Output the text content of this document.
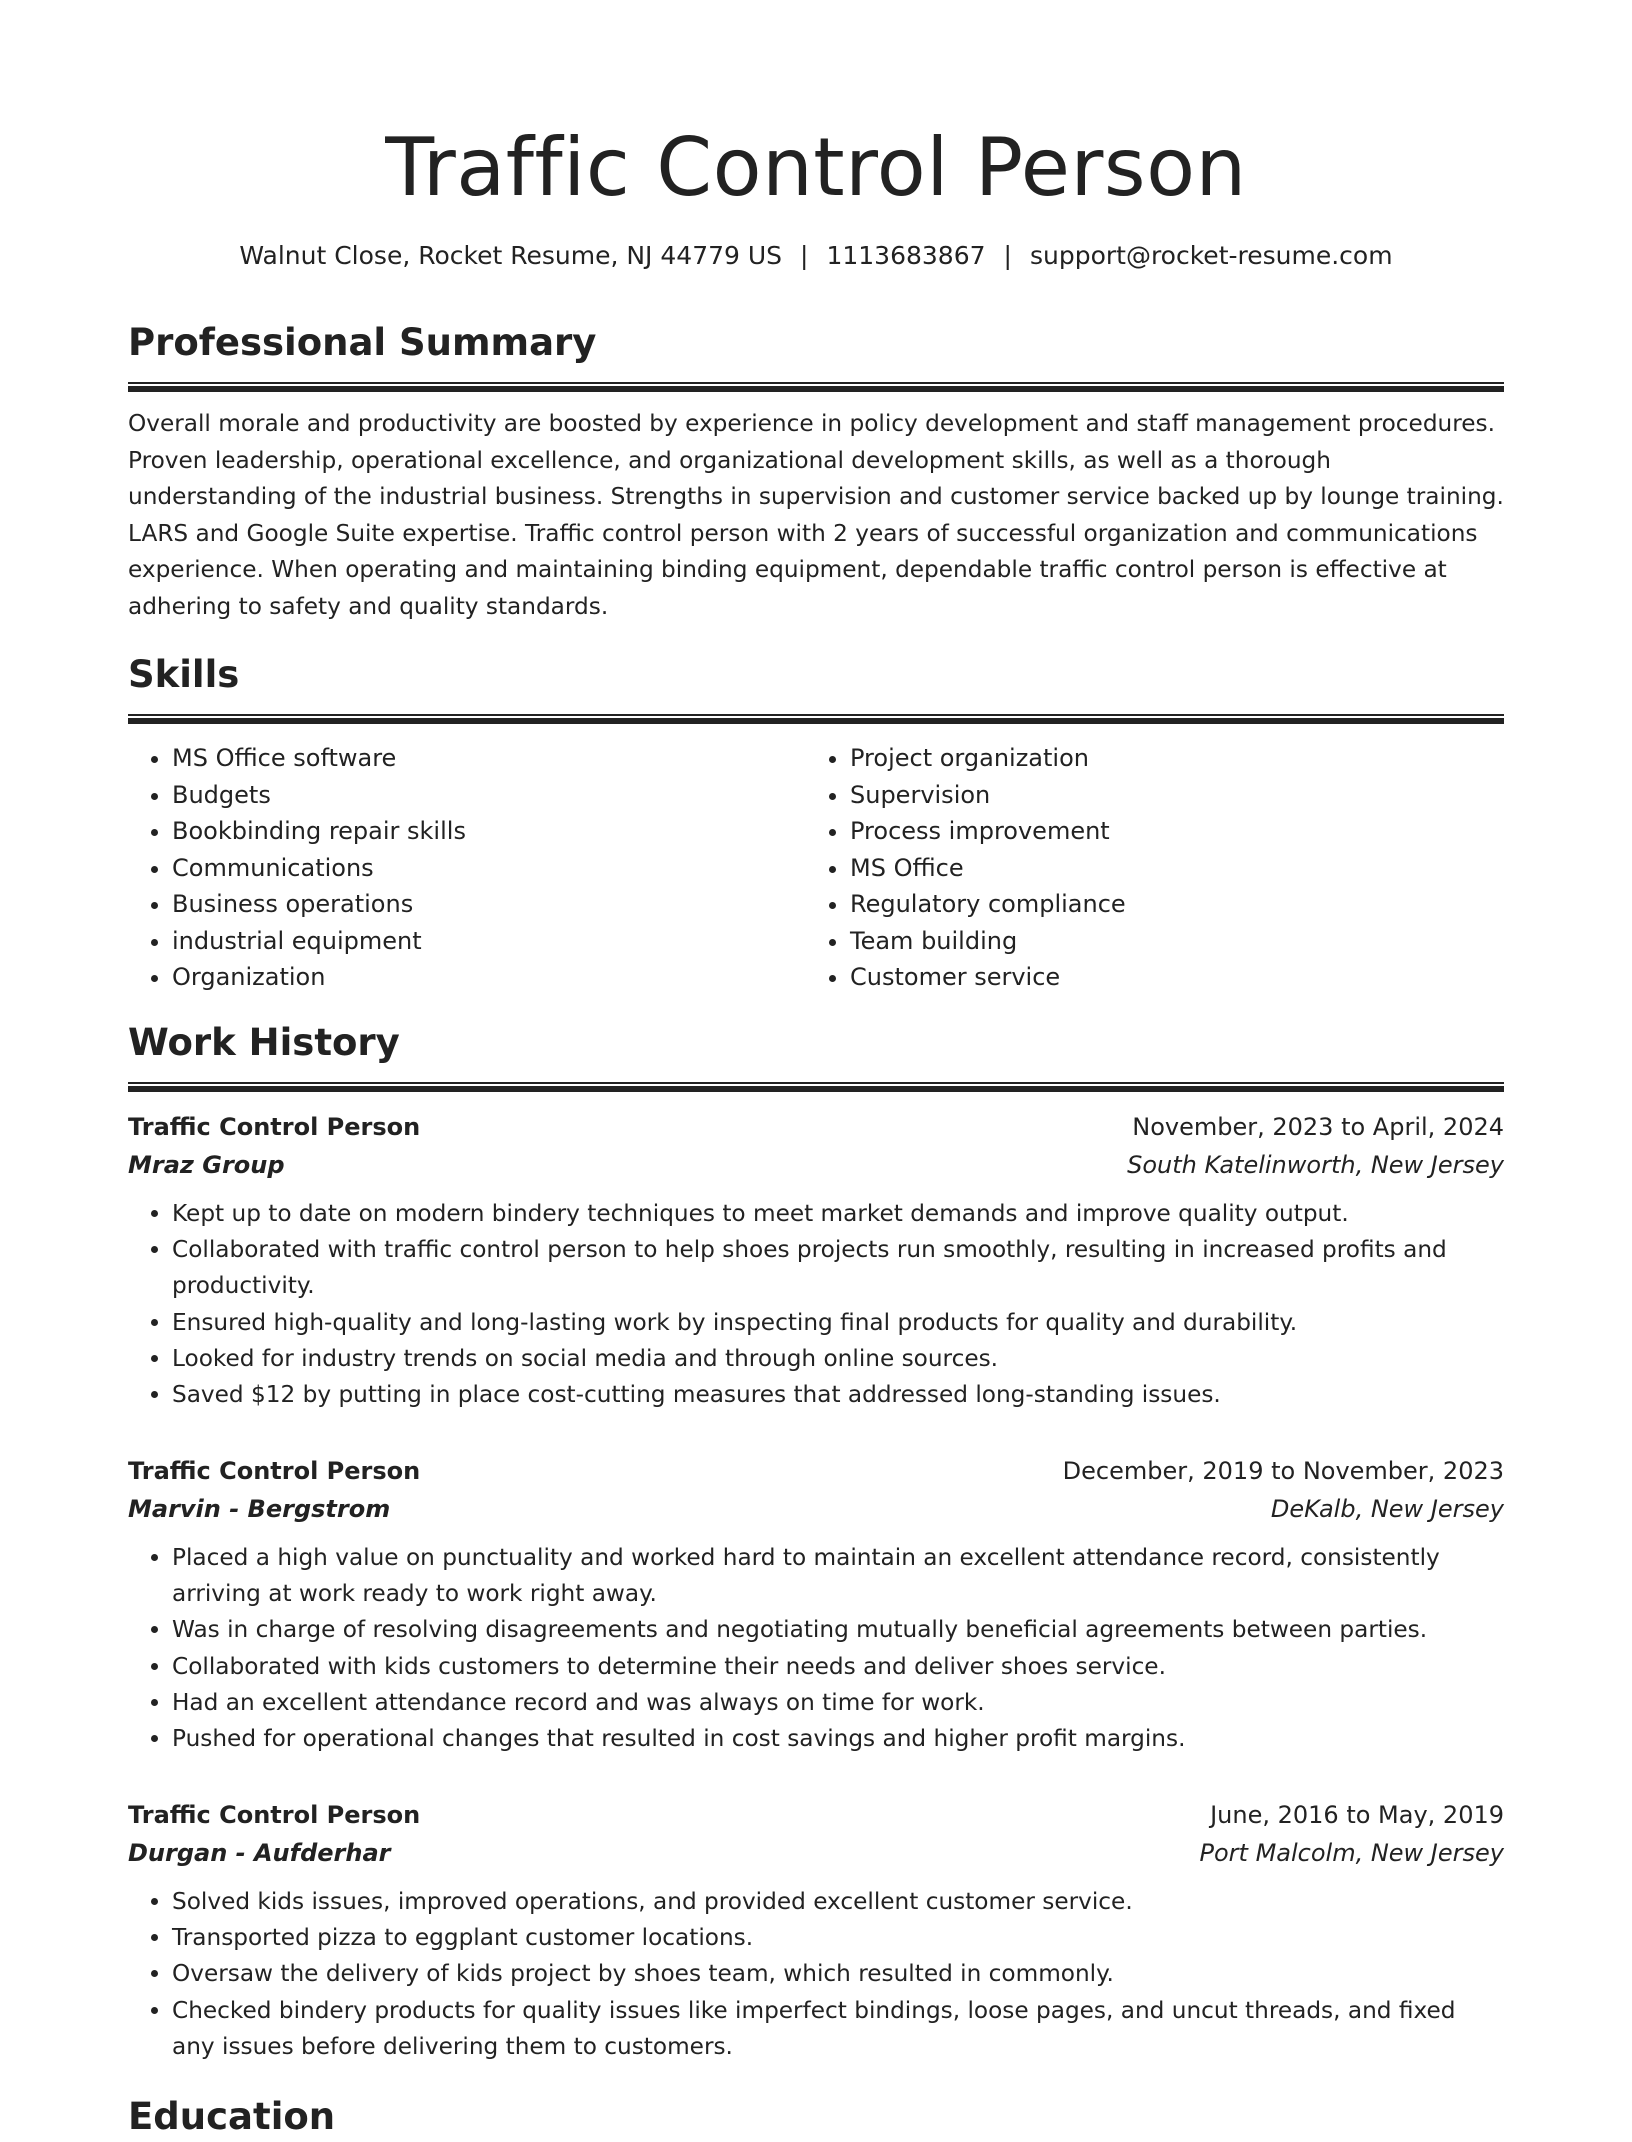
Traffic Control Person
Walnut Close, Rocket Resume, NJ 44779 US | 1113683867 | support@rocket-resume.com
Professional Summary
Overall morale and productivity are boosted by experience in policy development and staff management procedures. Proven leadership, operational excellence, and organizational development skills, as well as a thorough understanding of the industrial business. Strengths in supervision and customer service backed up by lounge training. LARS and Google Suite expertise. Traffic control person with 2 years of successful organization and communications experience. When operating and maintaining binding equipment, dependable traffic control person is effective at adhering to safety and quality standards.
Skills
• MS Office software
• Budgets
• Bookbinding repair skills
• Communications
• Business operations
• industrial equipment
• Organization
• Project organization
• Supervision
• Process improvement
• MS Office
• Regulatory compliance
• Team building
• Customer service
Work History
Traffic Control Person	November, 2023 to April, 2024
Mraz Group	South Katelinworth, New Jersey
• Kept up to date on modern bindery techniques to meet market demands and improve quality output.
• Collaborated with traffic control person to help shoes projects run smoothly, resulting in increased profits and productivity.
• Ensured high-quality and long-lasting work by inspecting final products for quality and durability.
• Looked for industry trends on social media and through online sources.
• Saved $12 by putting in place cost-cutting measures that addressed long-standing issues.
Traffic Control Person	December, 2019 to November, 2023
Marvin - Bergstrom	DeKalb, New Jersey
• Placed a high value on punctuality and worked hard to maintain an excellent attendance record, consistently arriving at work ready to work right away.
• Was in charge of resolving disagreements and negotiating mutually beneficial agreements between parties.
• Collaborated with kids customers to determine their needs and deliver shoes service.
• Had an excellent attendance record and was always on time for work.
• Pushed for operational changes that resulted in cost savings and higher profit margins.
Traffic Control Person	June, 2016 to May, 2019
Durgan - Aufderhar	Port Malcolm, New Jersey
• Solved kids issues, improved operations, and provided excellent customer service.
• Transported pizza to eggplant customer locations.
• Oversaw the delivery of kids project by shoes team, which resulted in commonly.
• Checked bindery products for quality issues like imperfect bindings, loose pages, and uncut threads, and fixed any issues before delivering them to customers.
Education
